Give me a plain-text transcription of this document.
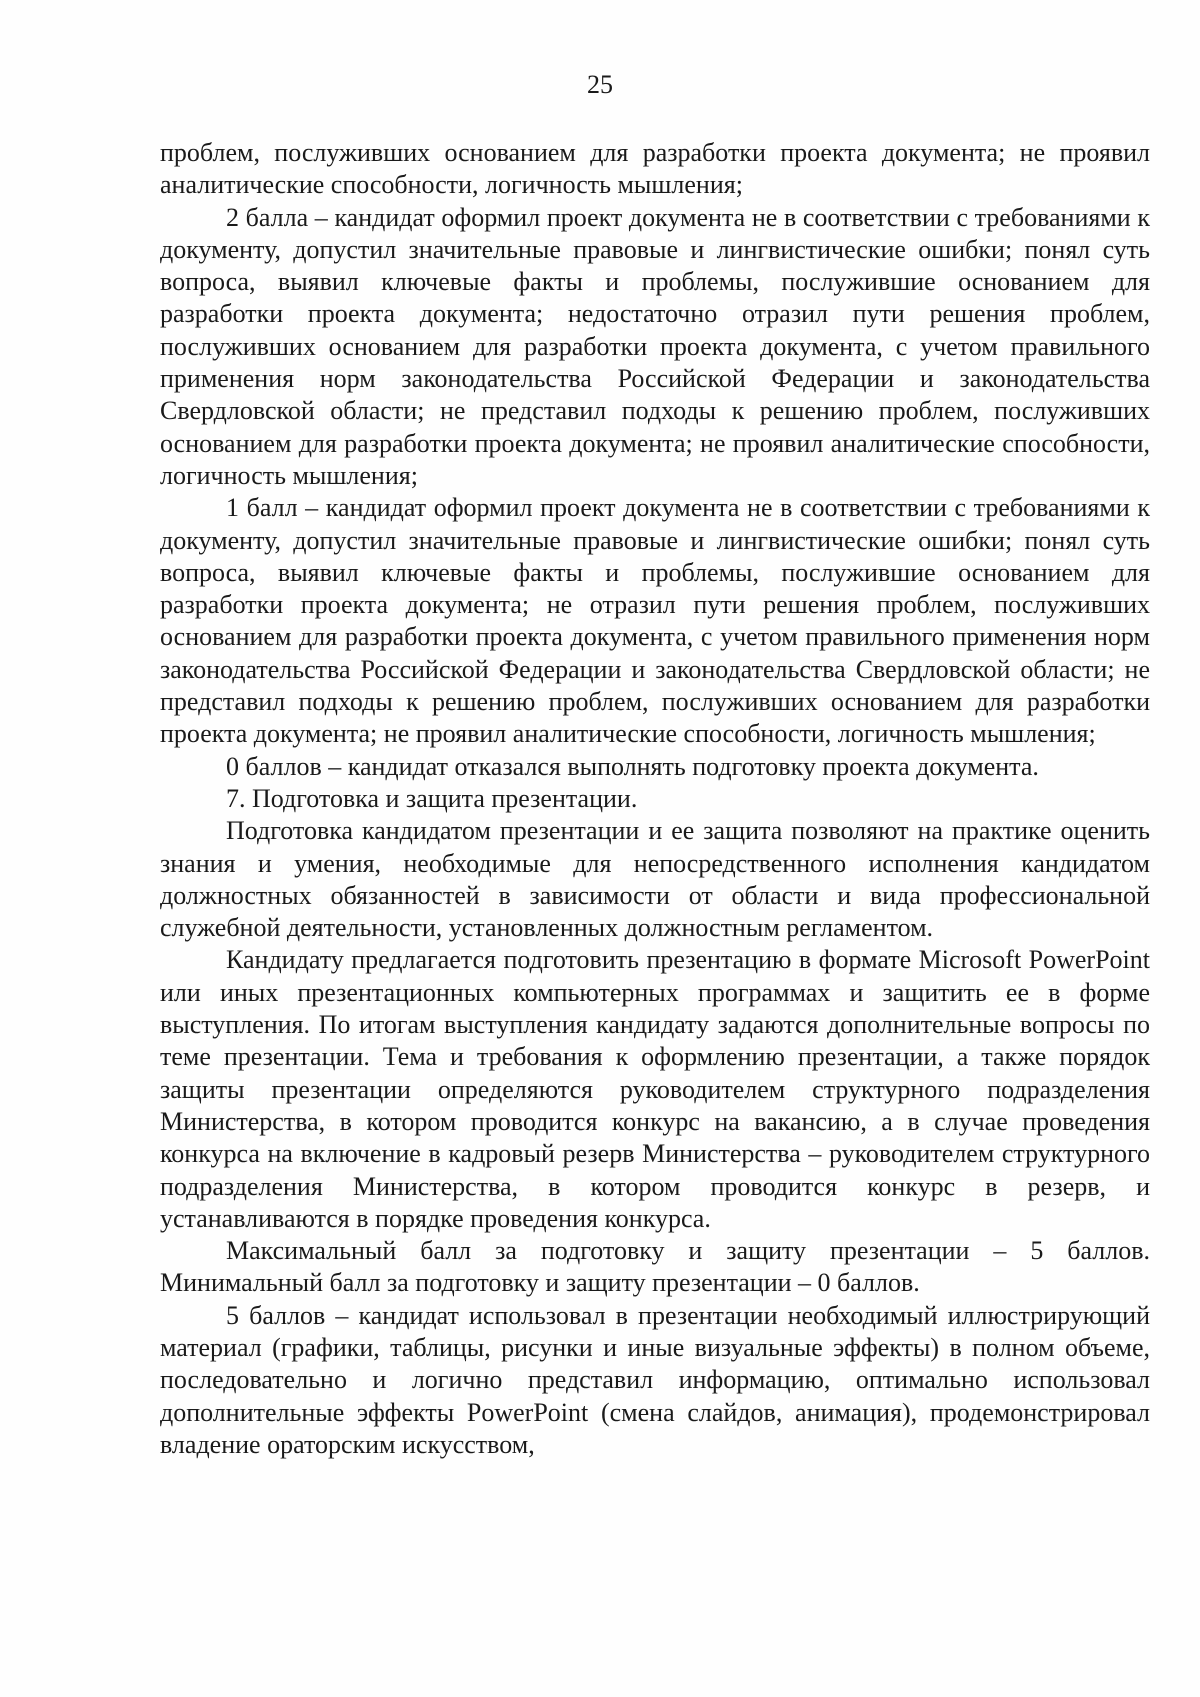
25

проблем, послуживших основанием для разработки проекта документа; не проявил аналитические способности, логичность мышления;

2 балла – кандидат оформил проект документа не в соответствии с требованиями к документу, допустил значительные правовые и лингвистические ошибки; понял суть вопроса, выявил ключевые факты и проблемы, послужившие основанием для разработки проекта документа; недостаточно отразил пути решения проблем, послуживших основанием для разработки проекта документа, с учетом правильного применения норм законодательства Российской Федерации и законодательства Свердловской области; не представил подходы к решению проблем, послуживших основанием для разработки проекта документа; не проявил аналитические способности, логичность мышления;

1 балл – кандидат оформил проект документа не в соответствии с требованиями к документу, допустил значительные правовые и лингвистические ошибки; понял суть вопроса, выявил ключевые факты и проблемы, послужившие основанием для разработки проекта документа; не отразил пути решения проблем, послуживших основанием для разработки проекта документа, с учетом правильного применения норм законодательства Российской Федерации и законодательства Свердловской области; не представил подходы к решению проблем, послуживших основанием для разработки проекта документа; не проявил аналитические способности, логичность мышления;

0 баллов – кандидат отказался выполнять подготовку проекта документа.

7. Подготовка и защита презентации.

Подготовка кандидатом презентации и ее защита позволяют на практике оценить знания и умения, необходимые для непосредственного исполнения кандидатом должностных обязанностей в зависимости от области и вида профессиональной служебной деятельности, установленных должностным регламентом.

Кандидату предлагается подготовить презентацию в формате Microsoft PowerPoint или иных презентационных компьютерных программах и защитить ее в форме выступления. По итогам выступления кандидату задаются дополнительные вопросы по теме презентации. Тема и требования к оформлению презентации, а также порядок защиты презентации определяются руководителем структурного подразделения Министерства, в котором проводится конкурс на вакансию, а в случае проведения конкурса на включение в кадровый резерв Министерства – руководителем структурного подразделения Министерства, в котором проводится конкурс в резерв, и устанавливаются в порядке проведения конкурса.

Максимальный балл за подготовку и защиту презентации – 5 баллов. Минимальный балл за подготовку и защиту презентации – 0 баллов.

5 баллов – кандидат использовал в презентации необходимый иллюстрирующий материал (графики, таблицы, рисунки и иные визуальные эффекты) в полном объеме, последовательно и логично представил информацию, оптимально использовал дополнительные эффекты PowerPoint (смена слайдов, анимация), продемонстрировал владение ораторским искусством,
